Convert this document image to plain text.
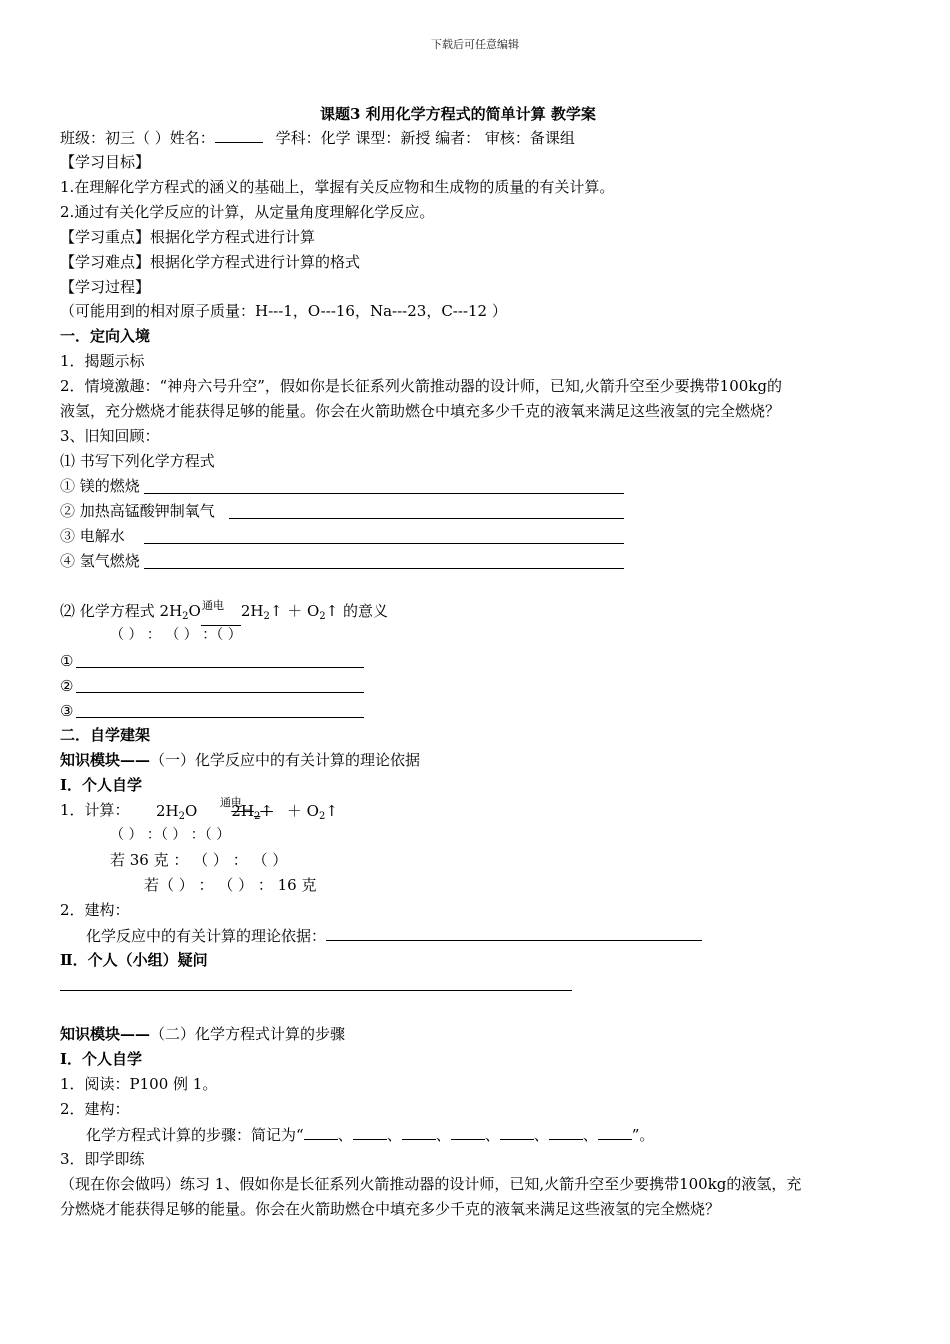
下载后可任意编辑
课题3 利用化学方程式的简单计算 教学案
班级：初三（ ）姓名：	学科：化学 课型：新授 编者： 审核：备课组
【学习目标】
1.在理解化学方程式的涵义的基础上，掌握有关反应物和生成物的质量的有关计算。
2.通过有关化学反应的计算，从定量角度理解化学反应。
【学习重点】根据化学方程式进行计算
【学习难点】根据化学方程式进行计算的格式
【学习过程】
（可能用到的相对原子质量：H---1，O---16，Na---23，C---12 ）
一．定向入境
1．揭题示标
2．情境激趣：“神舟六号升空”，假如你是长征系列火箭推动器的设计师，已知,火箭升空至少要携带100kg的
液氢，充分燃烧才能获得足够的能量。你会在火箭助燃仓中填充多少千克的液氧来满足这些液氢的完全燃烧？
3、旧知回顾：
⑴ 书写下列化学方程式
① 镁的燃烧
② 加热高锰酸钾制氧气
③ 电解水
④ 氢气燃烧
⑵ 化学方程式 $2H_2O$	$2H_2↑$ ＋ $O_2↑$ 的意义
通电
（ ） ： （ ） ：（ ）
①
②
③
二．自学建架
知识模块——（一）化学反应中的有关计算的理论依据
Ⅰ．个人自学
1．计算： $2H_2O$ $2H_2↑$ ＋ $O_2↑$
通电
（ ） ：（ ） ：（ ）
若 36 克 ： （ ） ： （ ）
若（ ） ： （ ） ： 16 克
2．建构：
化学反应中的有关计算的理论依据：
Ⅱ．个人（小组）疑问
知识模块——（二）化学方程式计算的步骤
Ⅰ．个人自学
1．阅读：P100 例 1。
2．建构：
化学方程式计算的步骤：简记为“ 、 、 、 、 、 、 ”。
3．即学即练
（现在你会做吗）练习 1、假如你是长征系列火箭推动器的设计师，已知,火箭升空至少要携带100kg的液氢，充
分燃烧才能获得足够的能量。你会在火箭助燃仓中填充多少千克的液氧来满足这些液氢的完全燃烧？
